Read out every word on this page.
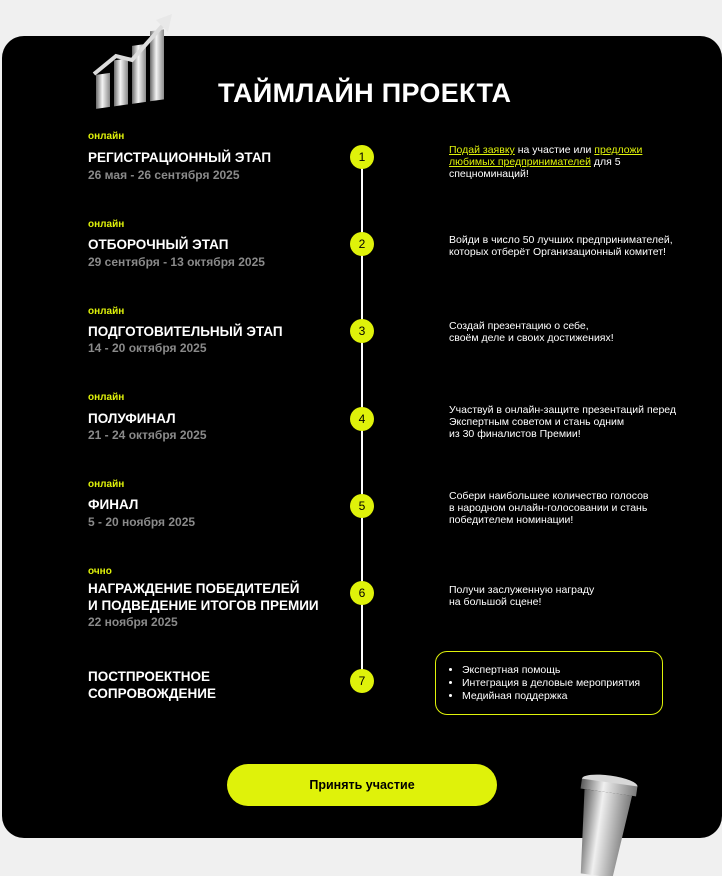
ТАЙМЛАЙН ПРОЕКТА
онлайн
РЕГИСТРАЦИОННЫЙ ЭТАП
26 мая - 26 сентября 2025
1	Подай заявку на участие или предложи любимых предпринимателей для 5 спецноминаций!
онлайн
ОТБОРОЧНЫЙ ЭТАП
29 сентября - 13 октября 2025
2	Войди в число 50 лучших предпринимателей,
которых отберёт Организационный комитет!
онлайн
ПОДГОТОВИТЕЛЬНЫЙ ЭТАП
14 - 20 октября 2025
3	Создай презентацию о себе,
своём деле и своих достижениях!
онлайн
ПОЛУФИНАЛ
21 - 24 октября 2025
4
Участвуй в онлайн-защите презентаций перед
Экспертным советом и стань одним
из 30 финалистов Премии!
онлайн
ФИНАЛ
5 - 20 ноября 2025
5
Собери наибольшее количество голосов
в народном онлайн-голосовании и стань
победителем номинации!
очно
НАГРАЖДЕНИЕ ПОБЕДИТЕЛЕЙ
И ПОДВЕДЕНИЕ ИТОГОВ ПРЕМИИ
22 ноября 2025
6	Получи заслуженную награду
на большой сцене!
ПОСТПРОЕКТНОЕ
СОПРОВОЖДЕНИЕ
7
• Экспертная помощь
• Интеграция в деловые мероприятия
• Медийная поддержка
Принять участие
